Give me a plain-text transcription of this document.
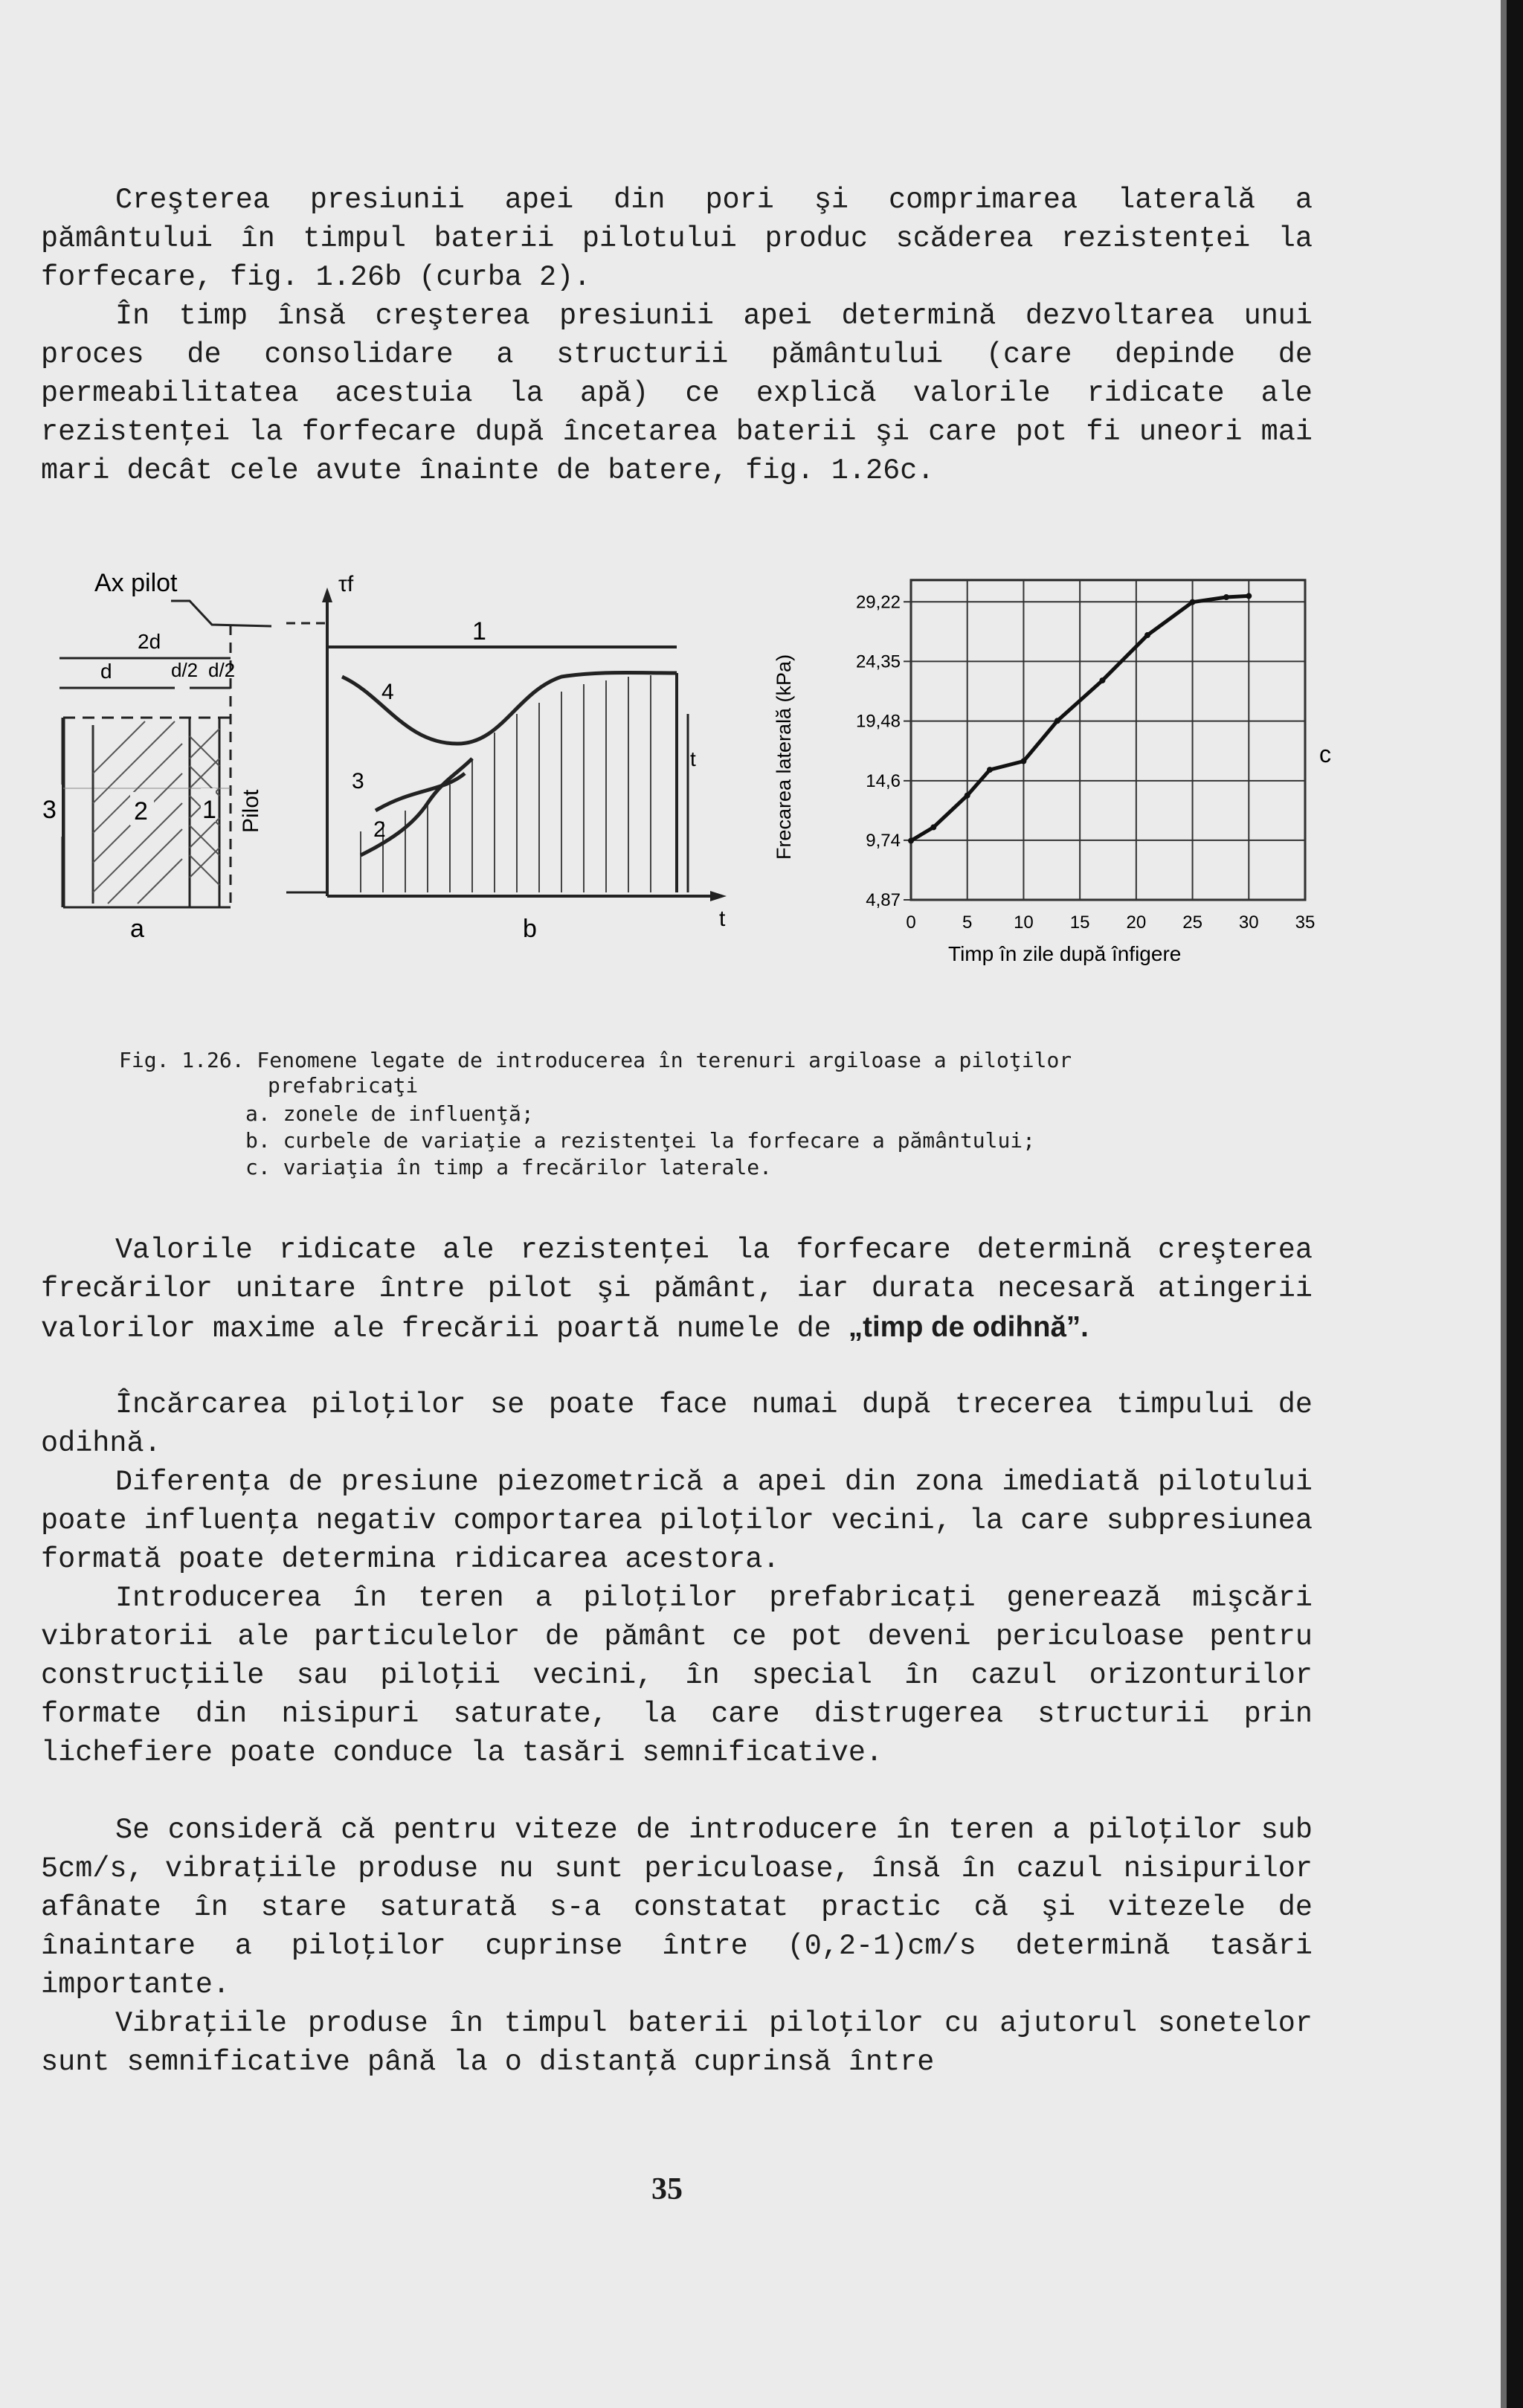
Creşterea presiunii apei din pori şi comprimarea laterală a pământului în timpul baterii pilotului produc scăderea rezistenţei la forfecare, fig. 1.26b (curba 2).
În timp însă creşterea presiunii apei determină dezvoltarea unui proces de consolidare a structurii pământului (care depinde de permeabilitatea acestuia la apă) ce explică valorile ridicate ale rezistenţei la forfecare după încetarea baterii şi care pot fi uneori mai mari decât cele avute înainte de batere, fig. 1.26c.
Ax pilot
2d
d	d/2 d/2
3	2 1 Pilot
a
τf
t
1
4
3
2
t
b
Frecarea laterală (kPa)
Timp în zile după înfigere
c
0	5 10 15 20 25 30 35
4,87
9,74
14,6
19,48
24,35
29,22
Fig. 1.26. Fenomene legate de introducerea în terenuri argiloase a piloţilor
prefabricaţi
a. zonele de influenţă;
b. curbele de variaţie a rezistenţei la forfecare a pământului;
c. variaţia în timp a frecărilor laterale.
Valorile ridicate ale rezistenţei la forfecare determină creşterea frecărilor unitare între pilot şi pământ, iar durata necesară atingerii valorilor maxime ale frecării poartă numele de „timp de odihnă”.
Încărcarea piloţilor se poate face numai după trecerea timpului de odihnă.
Diferenţa de presiune piezometrică a apei din zona imediată pilotului poate influenţa negativ comportarea piloţilor vecini, la care subpresiunea formată poate determina ridicarea acestora.
Introducerea în teren a piloţilor prefabricaţi generează mişcări vibratorii ale particulelor de pământ ce pot deveni periculoase pentru construcţiile sau piloţii vecini, în special în cazul orizonturilor formate din nisipuri saturate, la care distrugerea structurii prin lichefiere poate conduce la tasări semnificative.
Se consideră că pentru viteze de introducere în teren a piloţilor sub 5cm/s, vibraţiile produse nu sunt periculoase, însă în cazul nisipurilor afânate în stare saturată s-a constatat practic că şi vitezele de înaintare a piloţilor cuprinse între (0,2-1)cm/s determină tasări importante.
Vibraţiile produse în timpul baterii piloţilor cu ajutorul sonetelor sunt semnificative până la o distanţă cuprinsă între
35
